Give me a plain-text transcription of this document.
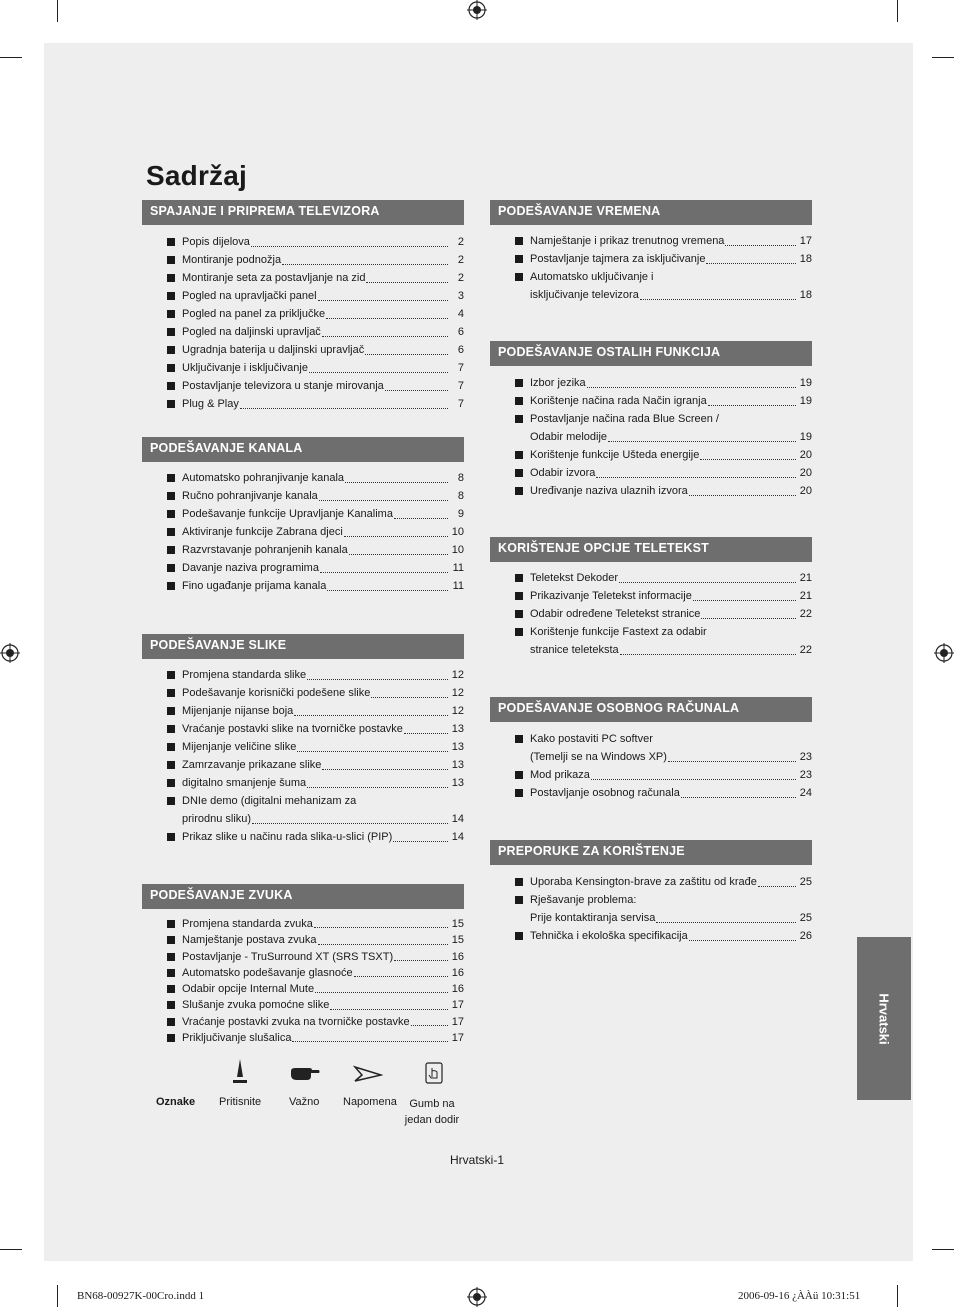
Sadržaj
SPAJANJE I PRIPREMA TELEVIZORA
Popis dijelova	2
Montiranje podnožja	2
Montiranje seta za postavljanje na zid	2
Pogled na upravljački panel	3
Pogled na panel za priključke	4
Pogled na daljinski upravljač	6
Ugradnja baterija u daljinski upravljač	6
Uključivanje i isključivanje	7
Postavljanje televizora u stanje mirovanja	7
Plug & Play	7
PODEŠAVANJE KANALA
Automatsko pohranjivanje kanala	8
Ručno pohranjivanje kanala	8
Podešavanje funkcije Upravljanje Kanalima	9
Aktiviranje funkcije Zabrana djeci	10
Razvrstavanje pohranjenih kanala	10
Davanje naziva programima	11
Fino ugađanje prijama kanala	11
PODEŠAVANJE SLIKE
Promjena standarda slike	12
Podešavanje korisnički podešene slike	12
Mijenjanje nijanse boja	12
Vraćanje postavki slike na tvorničke postavke	13
Mijenjanje veličine slike	13
Zamrzavanje prikazane slike	13
digitalno smanjenje šuma	13
DNIe demo (digitalni mehanizam za
prirodnu sliku)	14
Prikaz slike u načinu rada slika-u-slici (PIP)	14
PODEŠAVANJE ZVUKA
Promjena standarda zvuka	15
Namještanje postava zvuka	15
Postavljanje - TruSurround XT (SRS TSXT)	16
Automatsko podešavanje glasnoće	16
Odabir opcije Internal Mute	16
Slušanje zvuka pomoćne slike	17
Vraćanje postavki zvuka na tvorničke postavke	17
Priključivanje slušalica	17
PODEŠAVANJE VREMENA
Namještanje i prikaz trenutnog vremena	17
Postavljanje tajmera za isključivanje	18
Automatsko uključivanje i
isključivanje televizora	18
PODEŠAVANJE OSTALIH FUNKCIJA
Izbor jezika	19
Korištenje načina rada Način igranja	19
Postavljanje načina rada Blue Screen /
Odabir melodije	19
Korištenje funkcije Ušteda energije	20
Odabir izvora	20
Uređivanje naziva ulaznih izvora	20
KORIŠTENJE OPCIJE TELETEKST
Teletekst Dekoder	21
Prikazivanje Teletekst informacije	21
Odabir određene Teletekst stranice	22
Korištenje funkcije Fastext za odabir
stranice teleteksta	22
PODEŠAVANJE OSOBNOG RAČUNALA
Kako postaviti PC softver
(Temelji se na Windows XP)	23
Mod prikaza	23
Postavljanje osobnog računala	24
PREPORUKE ZA KORIŠTENJE
Uporaba Kensington-brave za zaštitu od krađe	25
Rješavanje problema:
Prije kontaktiranja servisa	25
Tehnička i ekološka specifikacija	26
Oznake Pritisnite	Važno Napomena	Gumb na
jedan dodir
Hrvatski
Hrvatski-1
BN68-00927K-00Cro.indd 1	2006-09-16 ¿ÀÀü 10:31:51
